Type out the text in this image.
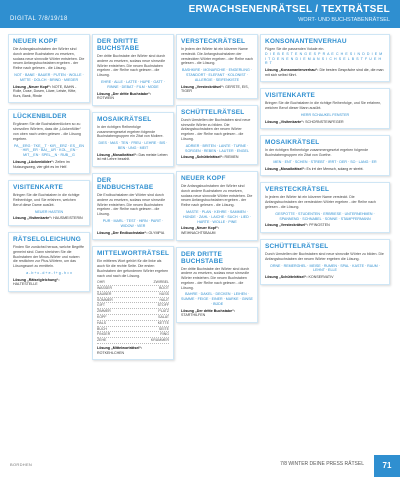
DIGITAL 7/8/19/18
ERWACHSENENRÄTSEL / TEXTRÄTSEL
WORT- UND BUCHSTABENRÄTSEL
NEUER KOPF
Die Anfangsbuchstaben der Wörter sind durch andere Buchstaben zu ersetzen, sodass neue sinnvolle Wörter entstehen. Die neuen Anfangsbuchstaben ergeben - der Reihe nach gelesen - die Lösung.
NOT · BANE · BAUER · PUTEN · WOLLE · MITTE · DOLCH · BRIND · MIEDER
Lösung „Neuer Kopf“: NOTE, BAHN - Rolle, Dose, Dosen, Löwe, Leiste, Kitte, Kurs, Bank, Rinde
LÜCKENBILDER
Ergänzen Sie die Buchstabenlücken so zu sinnvollen Wörtern, dass die „Lückenfüller“ von oben nach unten gelesen - die Lösung ergeben.
PA__ERG · TKE__T · KIR__ERZ · ES__EN · HIR__ER · BAI__UR · KOL__EN · MIT__EN · SPEL__N · RUB__G
Lösung „Lückenbilder“: Zeilen im Nutzungsweg, vier gibt es im Helf.
VISITENKARTE
Bringen Sie die Buchstaben in die richtige Reihenfolge, und Sie erfahren, welchen Beruf diese Dame ausübt.
NEUER HASTEN
Lösung „Visitenkarte“: HAUSMEISTERIN
RÄTSELGLEICHUNG
Finden Sie zunächst heraus, welche Begriffe gemeint sind. Dann streichen Sie die Buchstaben der Minus-Wörter und nutzen die restlichen zur Plus-Wörtern, um das Lösungswort zu ermitteln.
a - b + c - d + e - f + g - h = x
Lösung „Rätselgleichung“: HALTESTELLE
DER DRITTE BUCHSTABE
Der dritte Buchstabe der Wörter sind durch andere zu ersetzen, sodass neue sinnvolle Wörter entstehen. Die neuen Buchstaben ergeben - der Reihe nach gelesen - die Lösung.
EHRE · ALLE · LATTE · HUPE · GATT · RINNE · DEBAT · FILM · MODE
Lösung „Der dritte Buchstabe“: ROTWEIN
MOSAIKRÄTSEL
In der richtigen Reihenfolge zusammengesetzt ergeben folgende Buchstabengruppen ein Zitat von Moliere.
DIES · MAS · TEN · FREU · LEHRE · BIS · BEN · UNG · MEIT
Lösung „Mosaikrätsel“: Das meiste Leben ist mit Lehre bezahlt.
DER ENDBUCHSTABE
Die Endbuchstaben der Wörter sind durch andere zu ersetzen, sodass neue sinnvolle Wörter entstehen. Die neuen Buchstaben ergeben - der Reihe nach gelesen - die Lösung.
PUR · MARL · TEST · HIRN · PARIT · WIDOW · VIER
Lösung „Der Endbuchstabe“: OLYMPIA
MITTELWORTRÄTSEL
Ein mittleres Wort gehört für die linke als auch für die rechte Seite. Die ersten Buchstaben der gefundenen Wörter ergeben nach und nach die Lösung.
OHR	ZWIRBEL
WASSER	BOOT
SAUBER	NUSS
SOMMER	HAUT
GIFT	STOFF
ZIMMER	PLATZ
KOPF	SALAT
HALS	KETTE
BUCH	SEITE
FINGER	RING
ZEHE	KRUMMER
Lösung „Mittelworträtsel“: ROTKEHLCHEN
VERSTECKRÄTSEL
In jedem der Wörter ist ein kürzerer Name versteckt. Die Anfangsbuchstaben der versteckten Wörter ergeben - der Reihe nach gelesen - die Lösung.
BASHKIRE · MONARCHIE · ENGERLING · STANDORT · ELEFANT · KOLONIST · ALLERGIE · SEIFENKISTE
Lösung „Versteckrätsel“: GERSTE, EIS, TIGER
SCHÜTTELRÄTSEL
Durch Umstellen der Buchstaben sind neue sinnvolle Wörter zu bilden. Die Anfangsbuchstaben der neuen Wörter ergeben - der Reihe nach gelesen - die Lösung.
ADRIER · BRITEN · LANTE · TURNE · SORGEN · REBEN · LAUTER · ENGEL
Lösung „Schüttelrätsel“: RIEMEN
NEUER KOPF
Die Anfangsbuchstaben der Wörter sind durch andere Buchstaben zu ersetzen, sodass neue sinnvolle Wörter entstehen. Die neuen Anfangsbuchstaben ergeben - der Reihe nach gelesen - die Lösung.
MASTE · PLAN · KEHRE · SAMMEN · HÜNDE · ZAHL · LAICHE · SUCH · LIED · HARTE · WOLLE · PINE
Lösung „Neuer Kopf“: WEIHNACHTSBAUM
DER DRITTE BUCHSTABE
Der dritte Buchstabe der Wörter sind durch andere zu ersetzen, sodass neue sinnvolle Wörter entstehen. Die neuen Buchstaben ergeben - der Reihe nach gelesen - die Lösung.
BAHRE · DAKEL · DECKEN · LEIHEN · SUMME · FEIGE · EINER · MARKE · GINSE · BÜDE
Lösung „Der dritte Buchstabe“: STARTHILFEN
KONSONANTENVERHAU
Fügen Sie die passenden Vokale ein.
D I E B E S T E N G E S P R A E C H E S I N D D I E M I T D E N E N D I E M A N S I C H S E L B S T F U E H R T
Lösung „Konsonantenverhau“: Die besten Gespräche sind die, die man mit sich selbst führt.
VISITENKARTE
Bringen Sie die Buchstaben in die richtige Reihenfolge, und Sie erfahren, welchen Beruf dieser Mann ausübt.
HERR SCHAUKEL FENSTER
Lösung „Visitenkarte“: SCHORNSTEINFEGER
MOSAIKRÄTSEL
In der richtigen Reihenfolge zusammengesetzt ergeben folgende Buchstabengruppen ein Zitat von Goethe.
MEN · ENT · SCHEN · STREBT · IRRT · DER · SO · LANG · ER
Lösung „Mosaikrätsel“: Es irrt der Mensch, solang er strebt.
VERSTECKRÄTSEL
In jedem der Wörter ist ein kürzerer Name versteckt. Die Anfangsbuchstaben der versteckten Wörter ergeben - der Reihe nach gelesen - die Lösung.
GESPOTTE · STUDENTEN · ERBRIESE · UNTERNEHMEN · SPANNEND · SCHNABEL · SONNE · STAMPFERMANN
Lösung „Versteckrätsel“: PFINGSTEN
SCHÜTTELRÄTSEL
Durch Umstellen der Buchstaben sind neue sinnvolle Wörter zu bilden. Die Anfangsbuchstaben der neuen Wörter ergeben die Lösung.
ORNE · REMERGHEL · MEISE · RUMEN · SPAL · KASTE · RAUM · LEHNT · ELLE
Lösung „Schüttelrätsel“: KONSERVATIV
BORDHEN	7/8 WINTER DEINE PRESS RÄTSEL	71
